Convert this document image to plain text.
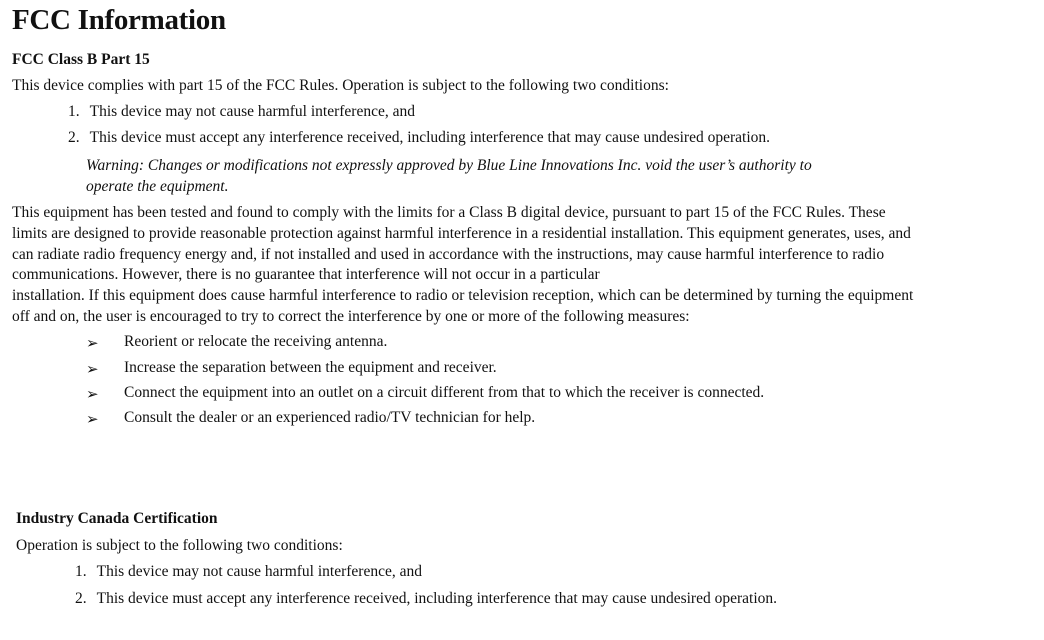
FCC Information

FCC Class B Part 15

This device complies with part 15 of the FCC Rules. Operation is subject to the following two conditions:

1. This device may not cause harmful interference, and

2. This device must accept any interference received, including interference that may cause undesired operation.

Warning: Changes or modifications not expressly approved by Blue Line Innovations Inc. void the user’s authority to
operate the equipment.

This equipment has been tested and found to comply with the limits for a Class B digital device, pursuant to part 15 of the FCC Rules. These
limits are designed to provide reasonable protection against harmful interference in a residential installation. This equipment generates, uses, and
can radiate radio frequency energy and, if not installed and used in accordance with the instructions, may cause harmful interference to radio
communications. However, there is no guarantee that interference will not occur in a particular
installation. If this equipment does cause harmful interference to radio or television reception, which can be determined by turning the equipment
off and on, the user is encouraged to try to correct the interference by one or more of the following measures:

➢ Reorient or relocate the receiving antenna.

➢ Increase the separation between the equipment and receiver.

➢ Connect the equipment into an outlet on a circuit different from that to which the receiver is connected.

➢ Consult the dealer or an experienced radio/TV technician for help.

Industry Canada Certification

Operation is subject to the following two conditions:

1. This device may not cause harmful interference, and

2. This device must accept any interference received, including interference that may cause undesired operation.
